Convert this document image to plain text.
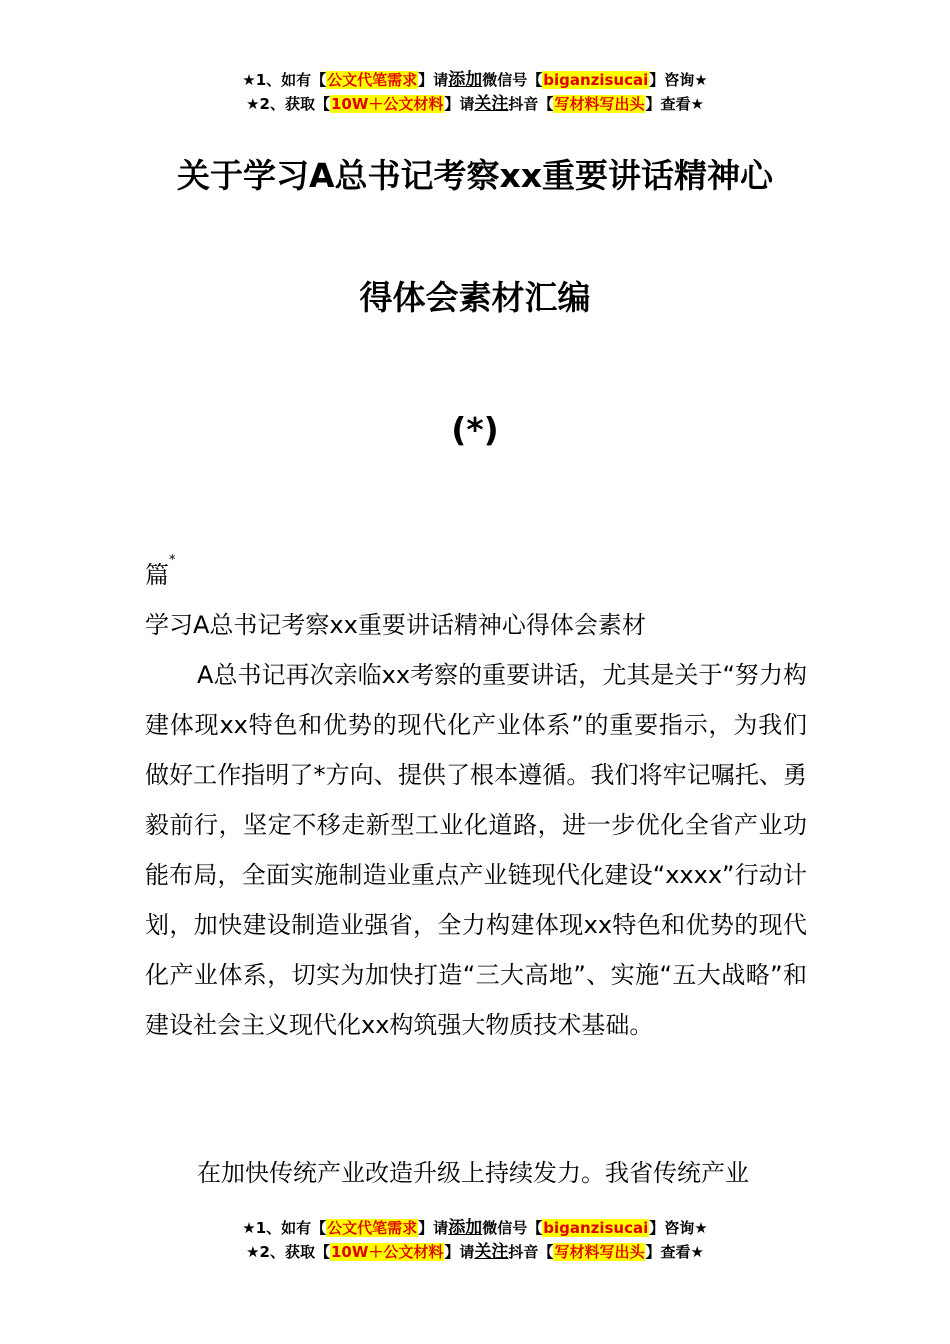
★1、如有【公文代笔需求】请添加微信号【biganzisucai】咨询★
★2、获取【10W＋公文材料】请关注抖音【写材料写出头】查看★
关于学习A总书记考察xx重要讲话精神心
得体会素材汇编
(*)
篇*
学习A总书记考察xx重要讲话精神心得体会素材
A总书记再次亲临xx考察的重要讲话，尤其是关于“努力构建体现xx特色和优势的现代化产业体系”的重要指示，为我们做好工作指明了*方向、提供了根本遵循。我们将牢记嘱托、勇毅前行，坚定不移走新型工业化道路，进一步优化全省产业功能布局，全面实施制造业重点产业链现代化建设“xxxx”行动计划，加快建设制造业强省，全力构建体现xx特色和优势的现代化产业体系，切实为加快打造“三大高地”、实施“五大战略”和建设社会主义现代化xx构筑强大物质技术基础。
在加快传统产业改造升级上持续发力。我省传统产业
★1、如有【公文代笔需求】请添加微信号【biganzisucai】咨询★
★2、获取【10W＋公文材料】请关注抖音【写材料写出头】查看★
